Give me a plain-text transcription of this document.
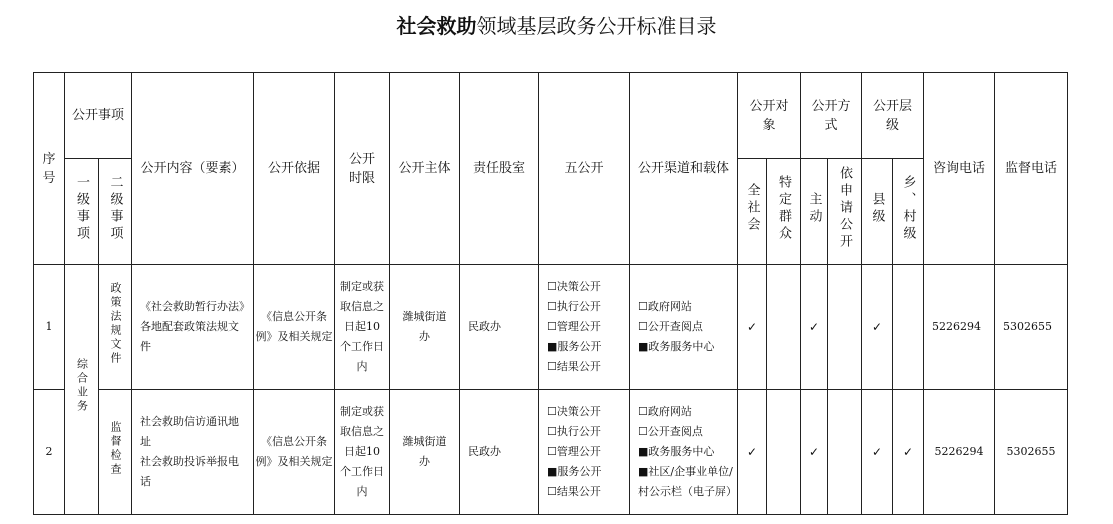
社会救助领域基层政务公开标准目录
序号	公开事项		公开内容（要素）	公开依据	公开时限	公开主体	责任股室	五公开	公开渠道和载体	公开对象		公开方式		公开层级		咨询电话	监督电话
	一级事项	二级事项								全社会	特定群众	主动	依申请公开	县级	乡、村级		
1	综合业务	政策法规文件	《社会救助暂行办法》
各地配套政策法规文件	《信息公开条例》及相关规定	制定或获取信息之日起10个工作日内	潍城街道办	民政办	☐决策公开
☐执行公开
☐管理公开
■服务公开
☐结果公开	☐政府网站
☐公开查阅点
■政务服务中心	✓		✓		✓		5226294	5302655
2		监督检查	社会救助信访通讯地址
社会救助投诉举报电话	《信息公开条例》及相关规定	制定或获取信息之日起10个工作日内	潍城街道办	民政办	☐决策公开
☐执行公开
☐管理公开
■服务公开
☐结果公开	☐政府网站
☐公开查阅点
■政务服务中心
■社区/企事业单位/村公示栏（电子屏）	✓		✓		✓	✓	5226294	5302655
